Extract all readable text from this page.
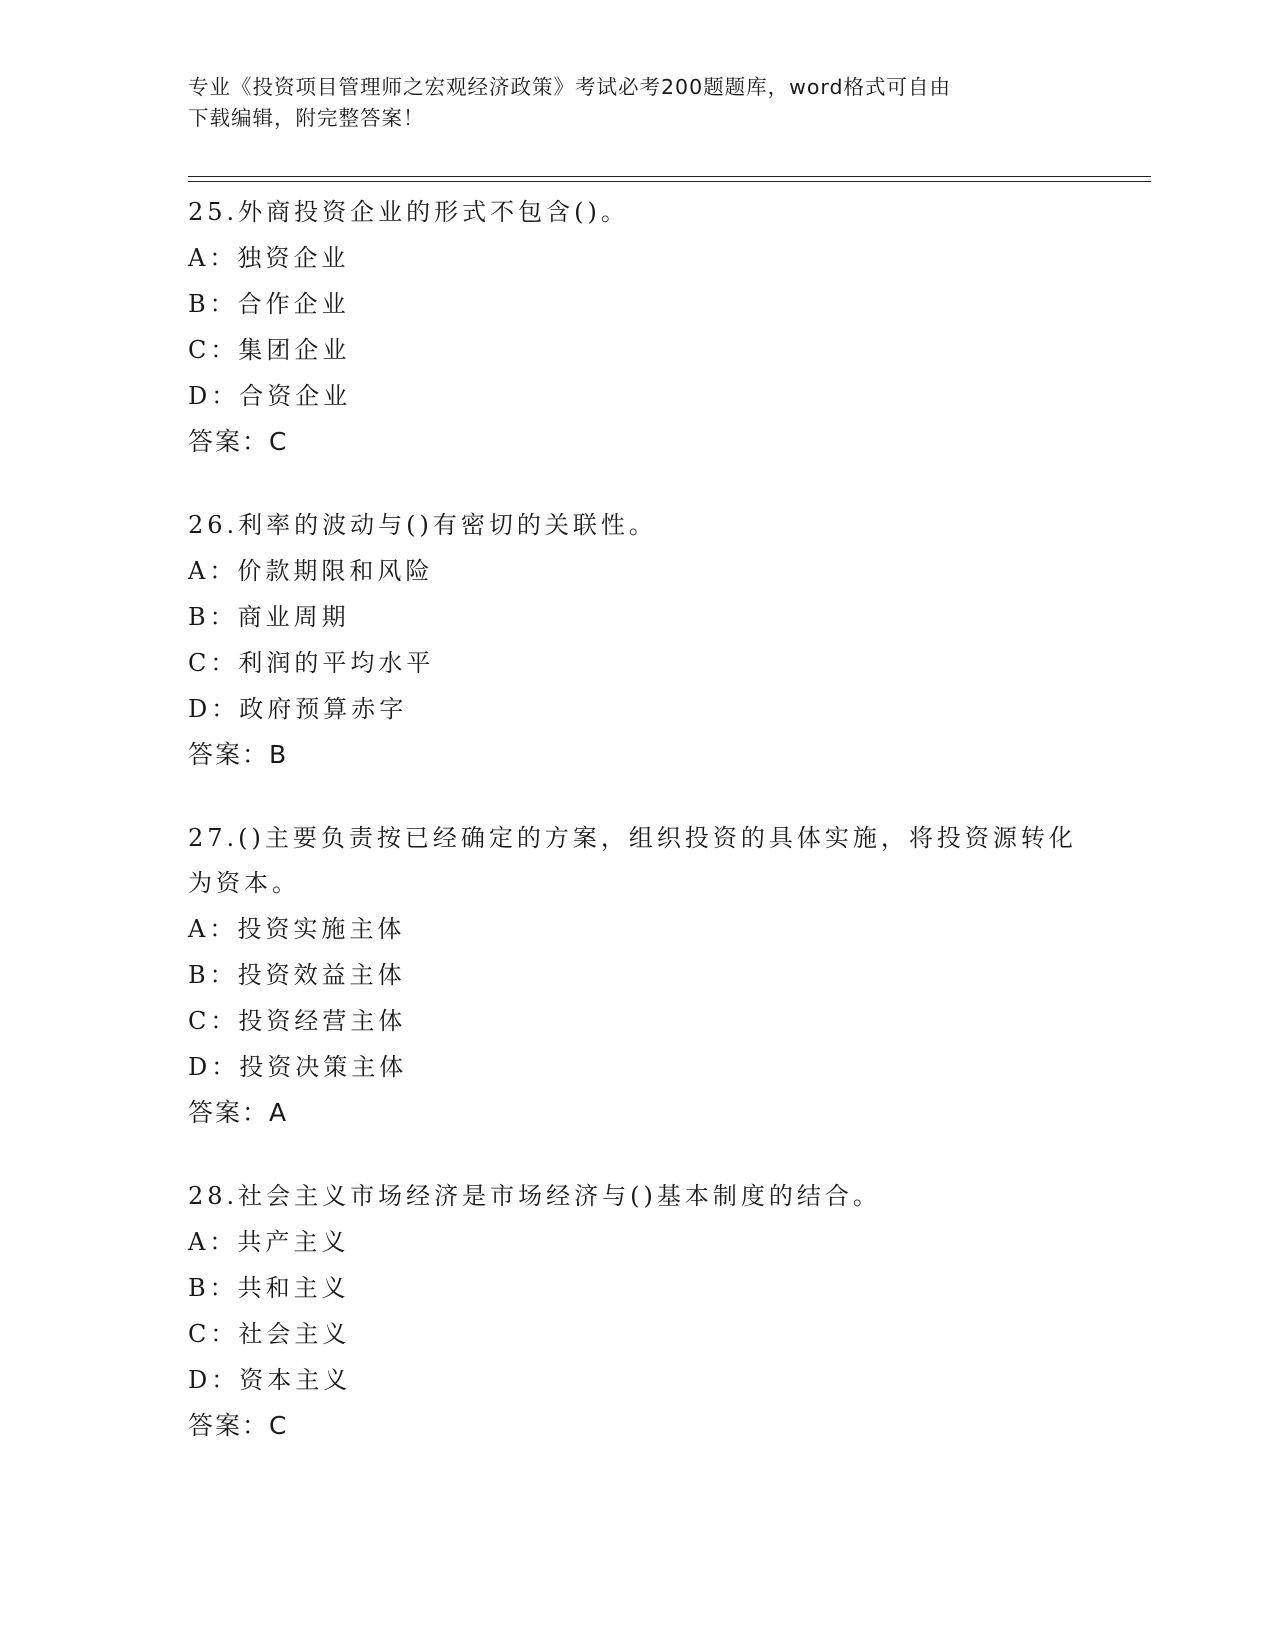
专业《投资项目管理师之宏观经济政策》考试必考200题题库，word格式可自由
下载编辑，附完整答案！

25.外商投资企业的形式不包含()。

A：独资企业

B：合作企业

C：集团企业

D：合资企业

答案：C

26.利率的波动与()有密切的关联性。

A：价款期限和风险

B：商业周期

C：利润的平均水平

D：政府预算赤字

答案：B

27.()主要负责按已经确定的方案，组织投资的具体实施，将投资源转化为资本。

A：投资实施主体

B：投资效益主体

C：投资经营主体

D：投资决策主体

答案：A

28.社会主义市场经济是市场经济与()基本制度的结合。

A：共产主义

B：共和主义

C：社会主义

D：资本主义

答案：C
